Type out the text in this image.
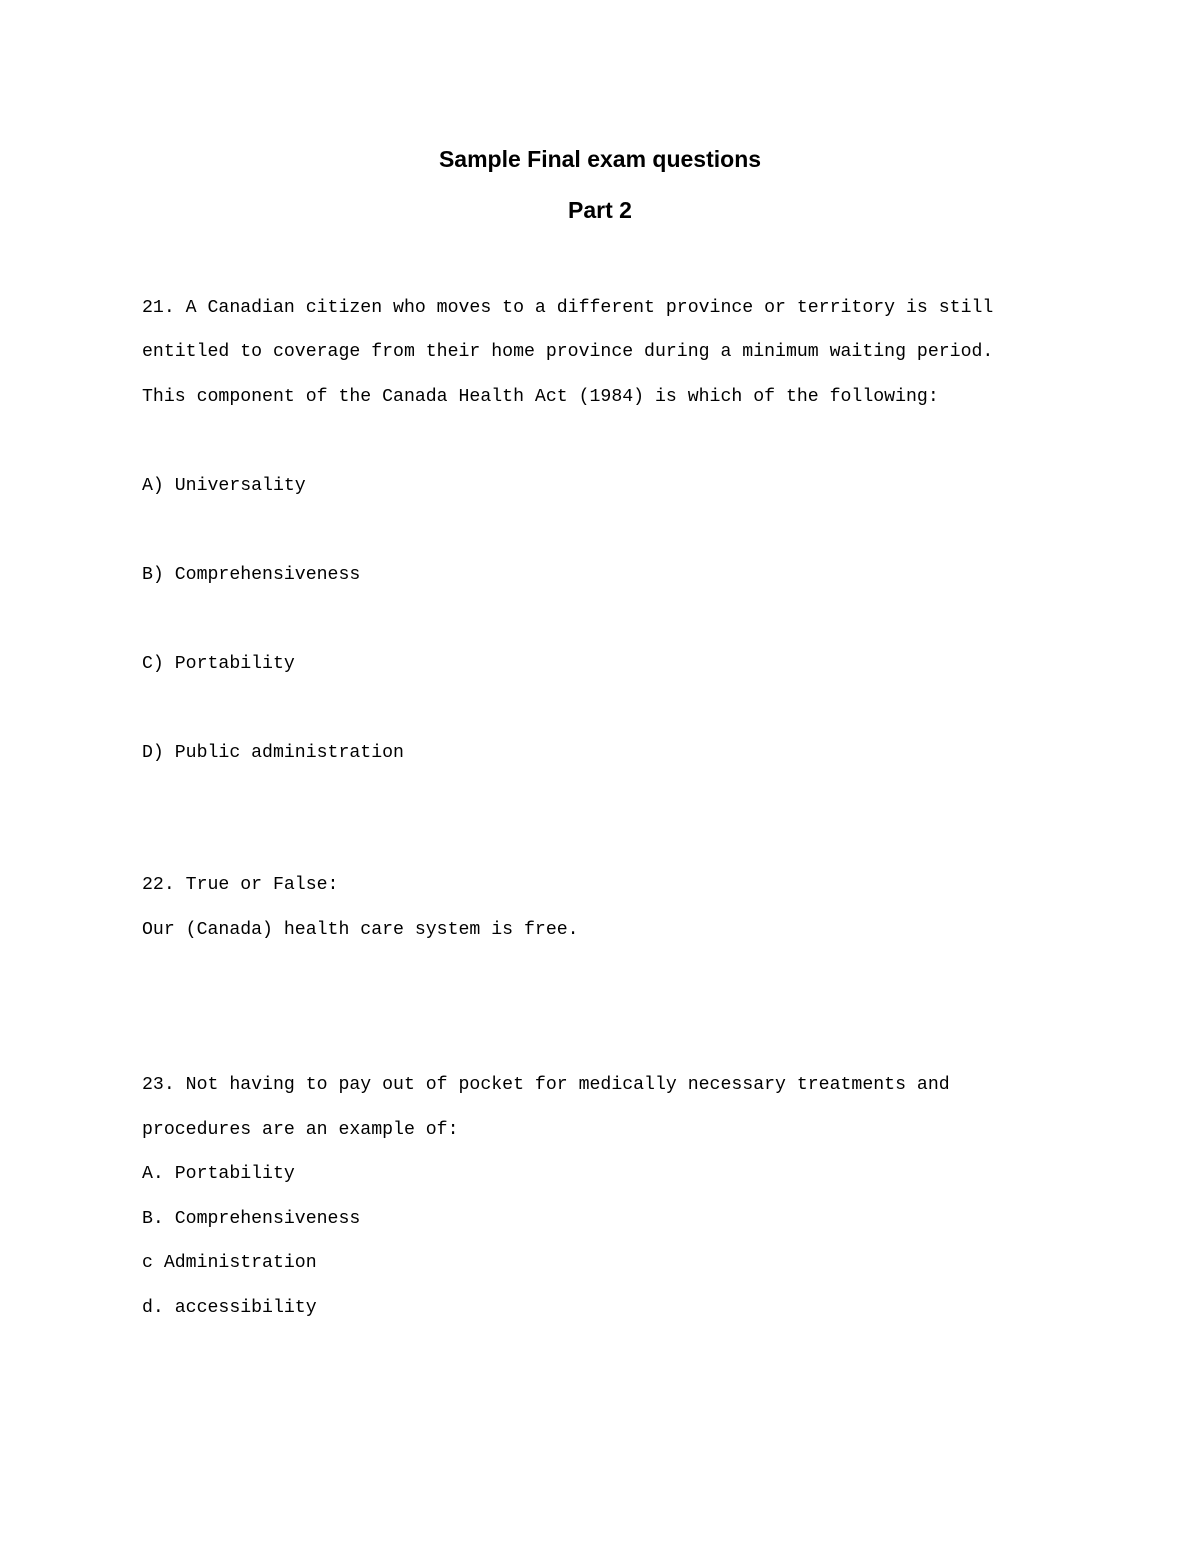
Sample Final exam questions
Part 2
21. A Canadian citizen who moves to a different province or territory is still
entitled to coverage from their home province during a minimum waiting period.
This component of the Canada Health Act (1984) is which of the following:
A) Universality
B) Comprehensiveness
C) Portability
D) Public administration
22. True or False:
Our (Canada) health care system is free.
23. Not having to pay out of pocket for medically necessary treatments and
procedures are an example of:
A. Portability
B. Comprehensiveness
c Administration
d. accessibility
